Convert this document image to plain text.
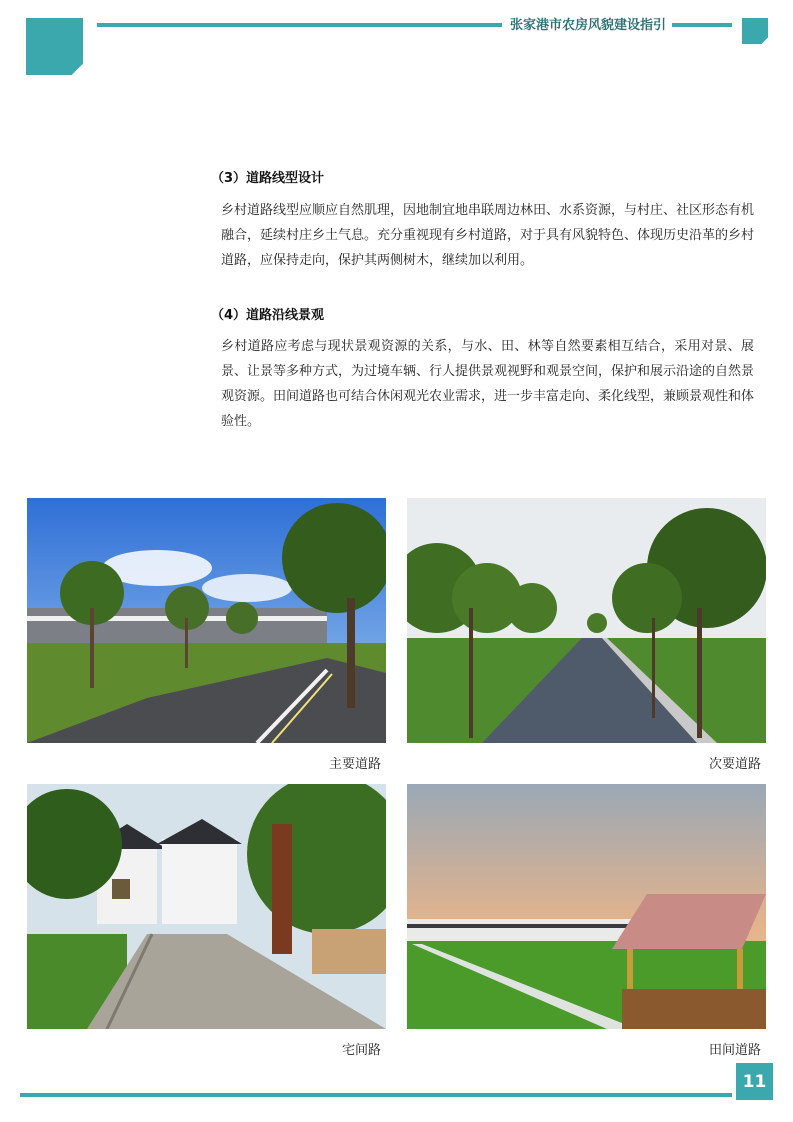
张家港市农房风貌建设指引
（3）道路线型设计
乡村道路线型应顺应自然肌理，因地制宜地串联周边林田、水系资源，与村庄、社区形态有机融合，延续村庄乡土气息。充分重视现有乡村道路，对于具有风貌特色、体现历史沿革的乡村道路，应保持走向，保护其两侧树木，继续加以利用。
（4）道路沿线景观
乡村道路应考虑与现状景观资源的关系，与水、田、林等自然要素相互结合，采用对景、展景、让景等多种方式，为过境车辆、行人提供景观视野和观景空间，保护和展示沿途的自然景观资源。田间道路也可结合休闲观光农业需求，进一步丰富走向、柔化线型，兼顾景观性和体验性。
主要道路	次要道路
宅间路	田间道路
11
